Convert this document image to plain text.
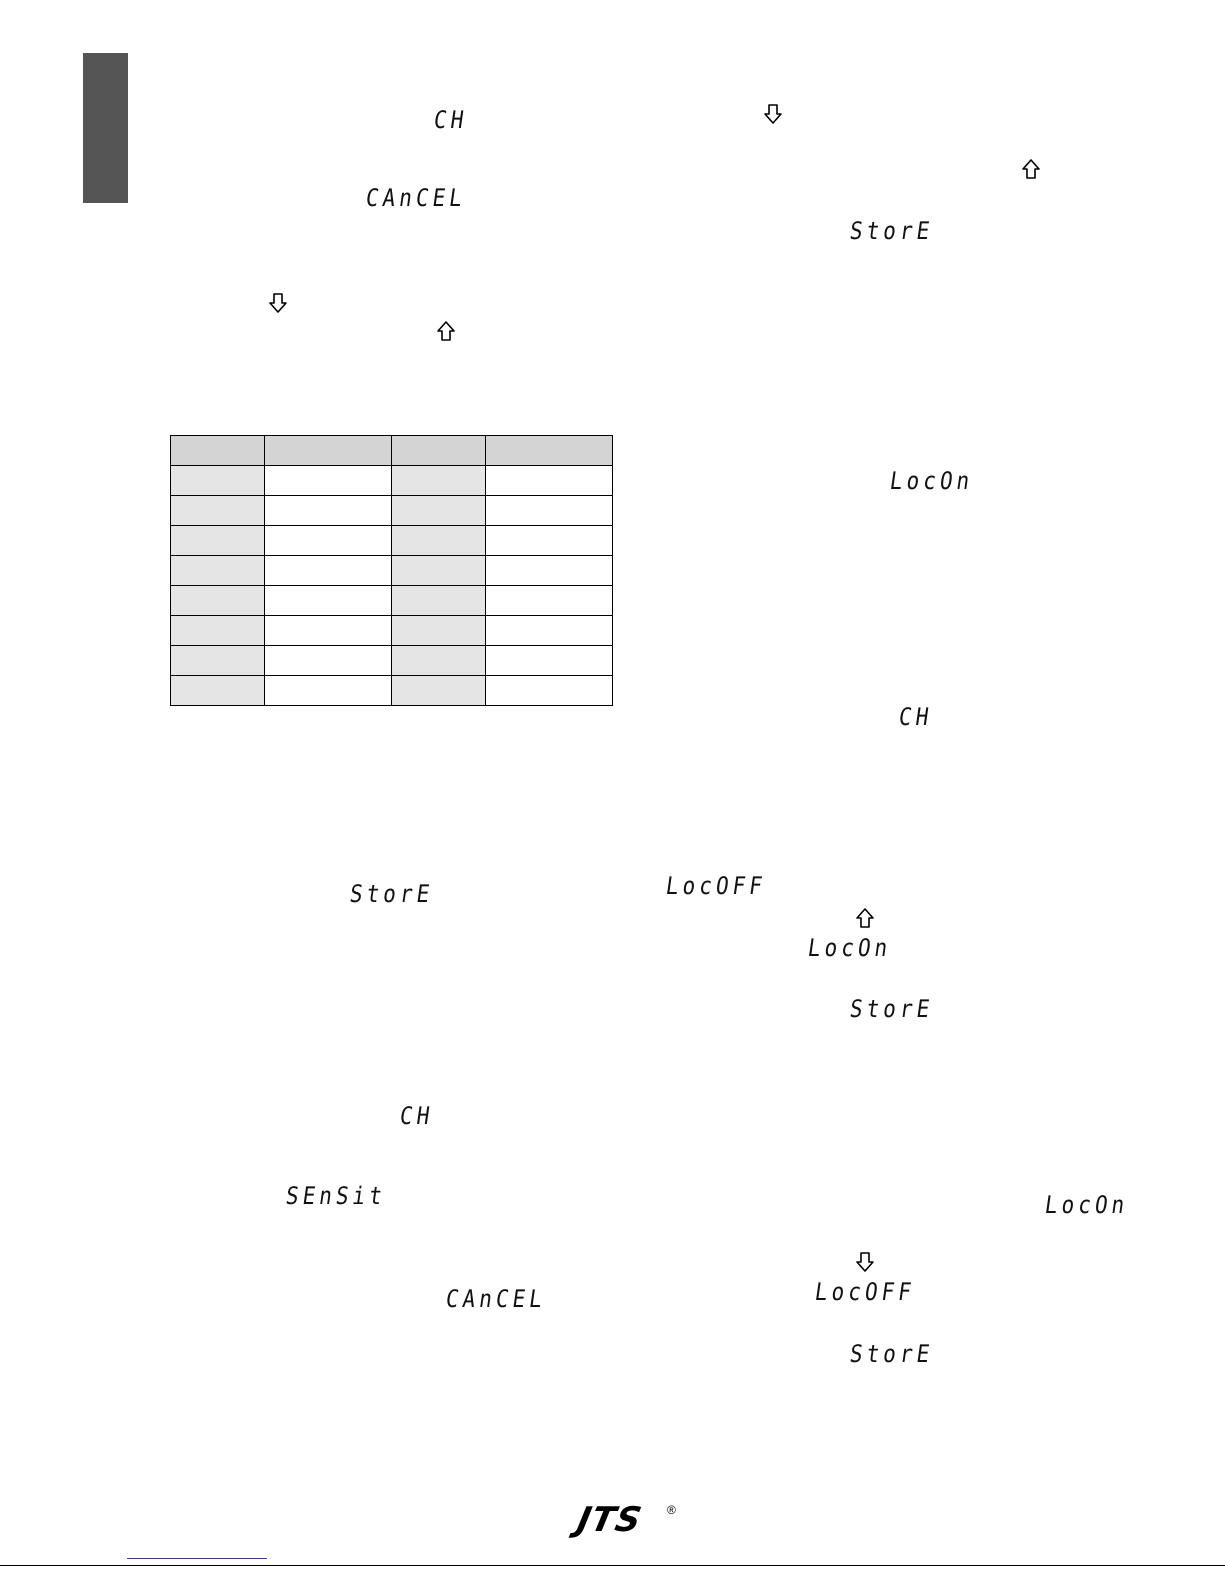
CH
CAnCEL

StorE
CH
SEnSit
CAnCEL
StorE
LocOn
CH
LocOFF
LocOn
StorE
LocOn
LocOFF
StorE
JTS ®
